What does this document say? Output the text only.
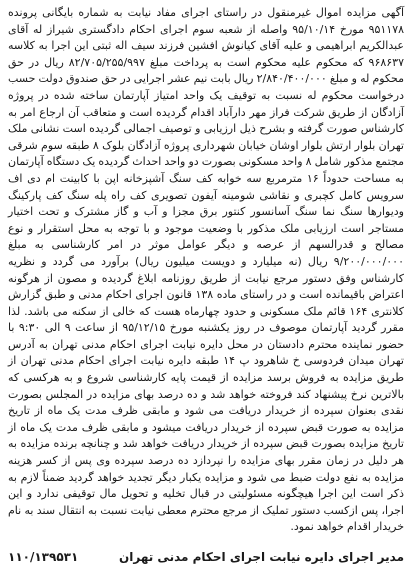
آگهی مزایده اموال غیرمنقول در راستای اجرای مفاد نیابت به شماره بایگانی پرونده ۹۵۱۱۷۸ مورخ ۹۵/۱۰/۱۴ واصله از شعبه سوم اجرای احکام دادگستری شیراز له آقای عبدالکریم ابراهیمی و علیه آقای کیانوش افشین فرزند سیف اله ثبتی این اجرا به کلاسه ۹۶۸۶۳۷ که محکوم علیه محکوم است به پرداخت مبلغ ۸۲/۷۰۵/۲۵۵/۹۹۷ ریال در حق محکوم له و مبلغ ۲/۸۴۰/۴۰۰/۰۰۰ ریال بابت نیم عشر اجرایی در حق صندوق دولت حسب درخواست محکوم له نسبت به توقیف یک واحد امتیاز آپارتمان ساخته شده در پروژه آزادگان از طریق شرکت فراز مهر دارآباد اقدام گردیده است و متعاقب آن ارجاع امر به کارشناس صورت گرفته و بشرح ذیل ارزیابی و توصیف اجمالی گردیده است نشانی ملک تهران بلوار ارتش بلوار اوشان خیابان شهرداری پروژه آزادگان بلوک ۸ طبقه سوم شرقی مجتمع مذکور شامل ۸ واحد مسکونی بصورت دو واحد احداث گردیده یک دستگاه آپارتمان به مساحت حدوداً ۱۶ مترمربع سه خوابه کف سنگ آشپزخانه اپن با کابینت ام دی اف سرویس کامل کچبری و نقاشی شومینه آیفون تصویری کف راه پله سنگ کف پارکینگ ودیوارها سنگ نما سنگ آسانسور کنتور برق مجزا و آب و گاز مشترک و تحت اختیار مستاجر است ارزیابی ملک مذکور با وضعیت موجود و با توجه به محل استقرار و نوع مصالح و قدرالسهم از عرصه و دیگر عوامل موثر در امر کارشناسی به مبلغ ۹/۲۰۰/۰۰۰/۰۰۰ ریال (نه میلیارد و دویست میلیون ریال) برآورد می گردد و نظریه کارشناس وفق دستور مرجع نیابت از طریق روزنامه ابلاغ گردیده و مصون از هرگونه اعتراض باقیمانده است و در راستای ماده ۱۳۸ قانون اجرای احکام مدنی و طبق گزارش کلانتری ۱۶۴ قائم ملک مسکونی و حدود چهارماه هست که خالی از سکنه می باشد. لذا مقرر گردید آپارتمان موصوف در روز یکشنبه مورخ ۹۵/۱۲/۱۵ از ساعت ۹ الی ۹:۳۰ با حضور نماینده محترم دادستان در محل دایره نیابت اجرای احکام مدنی تهران به آدرس تهران میدان فردوسی خ شاهرود پ ۱۴ طبقه دایره نیابت اجرای احکام مدنی تهران از طریق مزایده به فروش برسد مزایده از قیمت پایه کارشناسی شروع و به هرکسی که بالاترین نرخ پیشنهاد کند فروخته خواهد شد و ده درصد بهای مزایده در المجلس بصورت نقدی بعنوان سپرده از خریدار دریافت می شود و مابقی ظرف مدت یک ماه از تاریخ مزایده به صورت قبض سپرده از خریدار دریافت میشود و مابقی ظرف مدت یک ماه از تاریخ مزایده بصورت قبض سپرده از خریدار دریافت خواهد شد و چنانچه برنده مزایده به هر دلیل در زمان مقرر بهای مزایده را نپردازد ده درصد سپرده وی پس از کسر هزینه مزایده به نفع دولت ضبط می شود و مزایده یکبار دیگر تجدید خواهد گردید ضمناً لازم به ذکر است این اجرا هیچگونه مسئولیتی در قبال تخلیه و تحویل مال توقیفی ندارد و این اجرا، پس ازکسب دستور تملیک از مرجع محترم معطی نیابت نسبت به انتقال سند به نام خریدار اقدام خواهد نمود.

مدیر اجرای دایره نیابت اجرای احکام مدنی تهران
۱۱۰/۱۳۹۵۳۱
